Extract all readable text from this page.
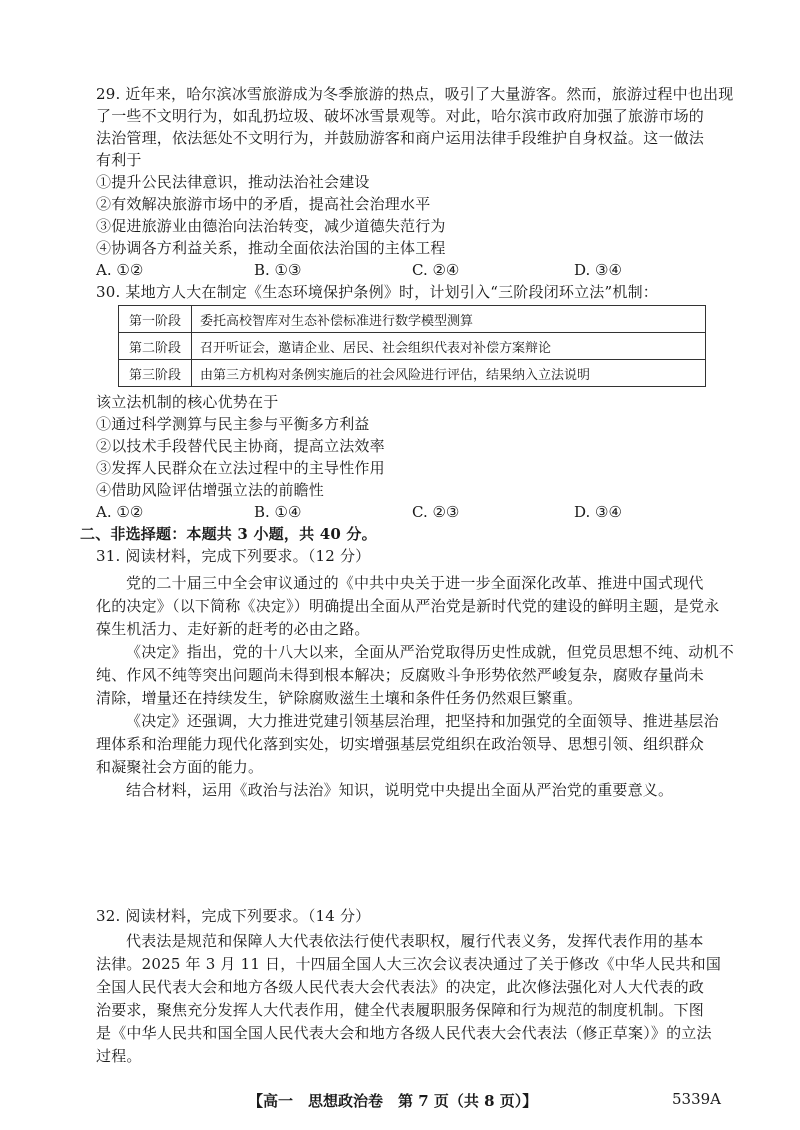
29. 近年来，哈尔滨冰雪旅游成为冬季旅游的热点，吸引了大量游客。然而，旅游过程中也出现
了一些不文明行为，如乱扔垃圾、破坏冰雪景观等。对此，哈尔滨市政府加强了旅游市场的
法治管理，依法惩处不文明行为，并鼓励游客和商户运用法律手段维护自身权益。这一做法
有利于
①提升公民法律意识，推动法治社会建设
②有效解决旅游市场中的矛盾，提高社会治理水平
③促进旅游业由德治向法治转变，减少道德失范行为
④协调各方利益关系，推动全面依法治国的主体工程
A. ①②	B. ①③	C. ②④	D. ③④
30. 某地方人大在制定《生态环境保护条例》时，计划引入“三阶段闭环立法”机制：
第一阶段	委托高校智库对生态补偿标准进行数学模型测算
第二阶段	召开听证会，邀请企业、居民、社会组织代表对补偿方案辩论
第三阶段	由第三方机构对条例实施后的社会风险进行评估，结果纳入立法说明
该立法机制的核心优势在于
①通过科学测算与民主参与平衡多方利益
②以技术手段替代民主协商，提高立法效率
③发挥人民群众在立法过程中的主导性作用
④借助风险评估增强立法的前瞻性
A. ①②	B. ①④	C. ②③	D. ③④
二、非选择题：本题共 3 小题，共 40 分。
31. 阅读材料，完成下列要求。（12 分）
党的二十届三中全会审议通过的《中共中央关于进一步全面深化改革、推进中国式现代
化的决定》（以下简称《决定》）明确提出全面从严治党是新时代党的建设的鲜明主题，是党永
葆生机活力、走好新的赶考的必由之路。
《决定》指出，党的十八大以来，全面从严治党取得历史性成就，但党员思想不纯、动机不
纯、作风不纯等突出问题尚未得到根本解决；反腐败斗争形势依然严峻复杂，腐败存量尚未
清除，增量还在持续发生，铲除腐败滋生土壤和条件任务仍然艰巨繁重。
《决定》还强调，大力推进党建引领基层治理，把坚持和加强党的全面领导、推进基层治
理体系和治理能力现代化落到实处，切实增强基层党组织在政治领导、思想引领、组织群众
和凝聚社会方面的能力。
结合材料，运用《政治与法治》知识，说明党中央提出全面从严治党的重要意义。
32. 阅读材料，完成下列要求。（14 分）
代表法是规范和保障人大代表依法行使代表职权，履行代表义务，发挥代表作用的基本
法律。2025 年 3 月 11 日，十四届全国人大三次会议表决通过了关于修改《中华人民共和国
全国人民代表大会和地方各级人民代表大会代表法》的决定，此次修法强化对人大代表的政
治要求，聚焦充分发挥人大代表作用，健全代表履职服务保障和行为规范的制度机制。下图
是《中华人民共和国全国人民代表大会和地方各级人民代表大会代表法（修正草案）》的立法
过程。
【高一　思想政治卷　第 7 页（共 8 页）】	5339A
